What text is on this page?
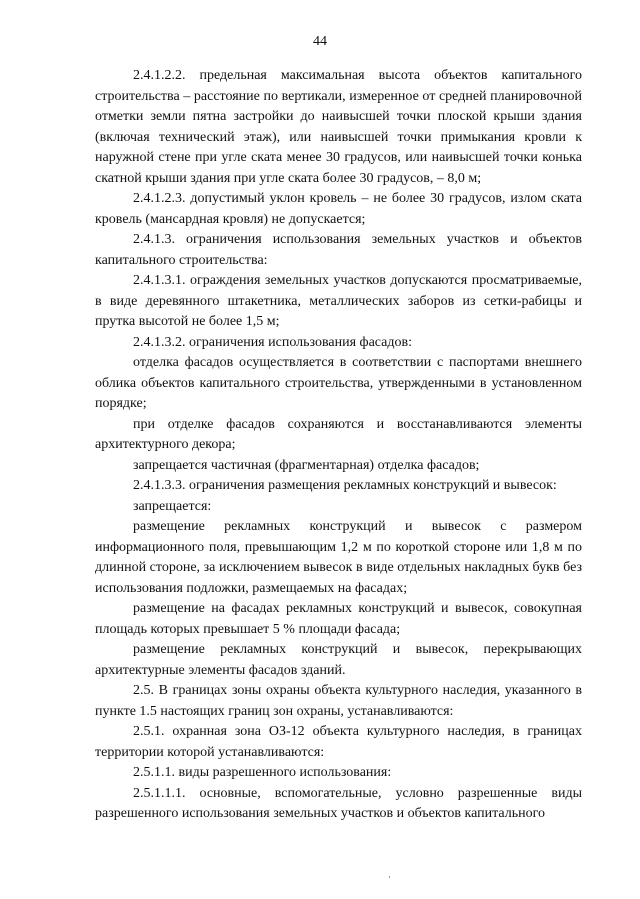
44

2.4.1.2.2. предельная максимальная высота объектов капитального строительства – расстояние по вертикали, измеренное от средней планировочной отметки земли пятна застройки до наивысшей точки плоской крыши здания (включая технический этаж), или наивысшей точки примыкания кровли к наружной стене при угле ската менее 30 градусов, или наивысшей точки конька скатной крыши здания при угле ската более 30 градусов, – 8,0 м;

2.4.1.2.3. допустимый уклон кровель – не более 30 градусов, излом ската кровель (мансардная кровля) не допускается;

2.4.1.3. ограничения использования земельных участков и объектов капитального строительства:

2.4.1.3.1. ограждения земельных участков допускаются просматриваемые, в виде деревянного штакетника, металлических заборов из сетки-рабицы и прутка высотой не более 1,5 м;

2.4.1.3.2. ограничения использования фасадов:

отделка фасадов осуществляется в соответствии с паспортами внешнего облика объектов капитального строительства, утвержденными в установленном порядке;

при отделке фасадов сохраняются и восстанавливаются элементы архитектурного декора;

запрещается частичная (фрагментарная) отделка фасадов;

2.4.1.3.3. ограничения размещения рекламных конструкций и вывесок:

запрещается:

размещение рекламных конструкций и вывесок с размером информационного поля, превышающим 1,2 м по короткой стороне или 1,8 м по длинной стороне, за исключением вывесок в виде отдельных накладных букв без использования подложки, размещаемых на фасадах;

размещение на фасадах рекламных конструкций и вывесок, совокупная площадь которых превышает 5 % площади фасада;

размещение рекламных конструкций и вывесок, перекрывающих архитектурные элементы фасадов зданий.

2.5. В границах зоны охраны объекта культурного наследия, указанного в пункте 1.5 настоящих границ зон охраны, устанавливаются:

2.5.1. охранная зона ОЗ-12 объекта культурного наследия, в границах территории которой устанавливаются:

2.5.1.1. виды разрешенного использования:

2.5.1.1.1. основные, вспомогательные, условно разрешенные виды разрешенного использования земельных участков и объектов капитального
